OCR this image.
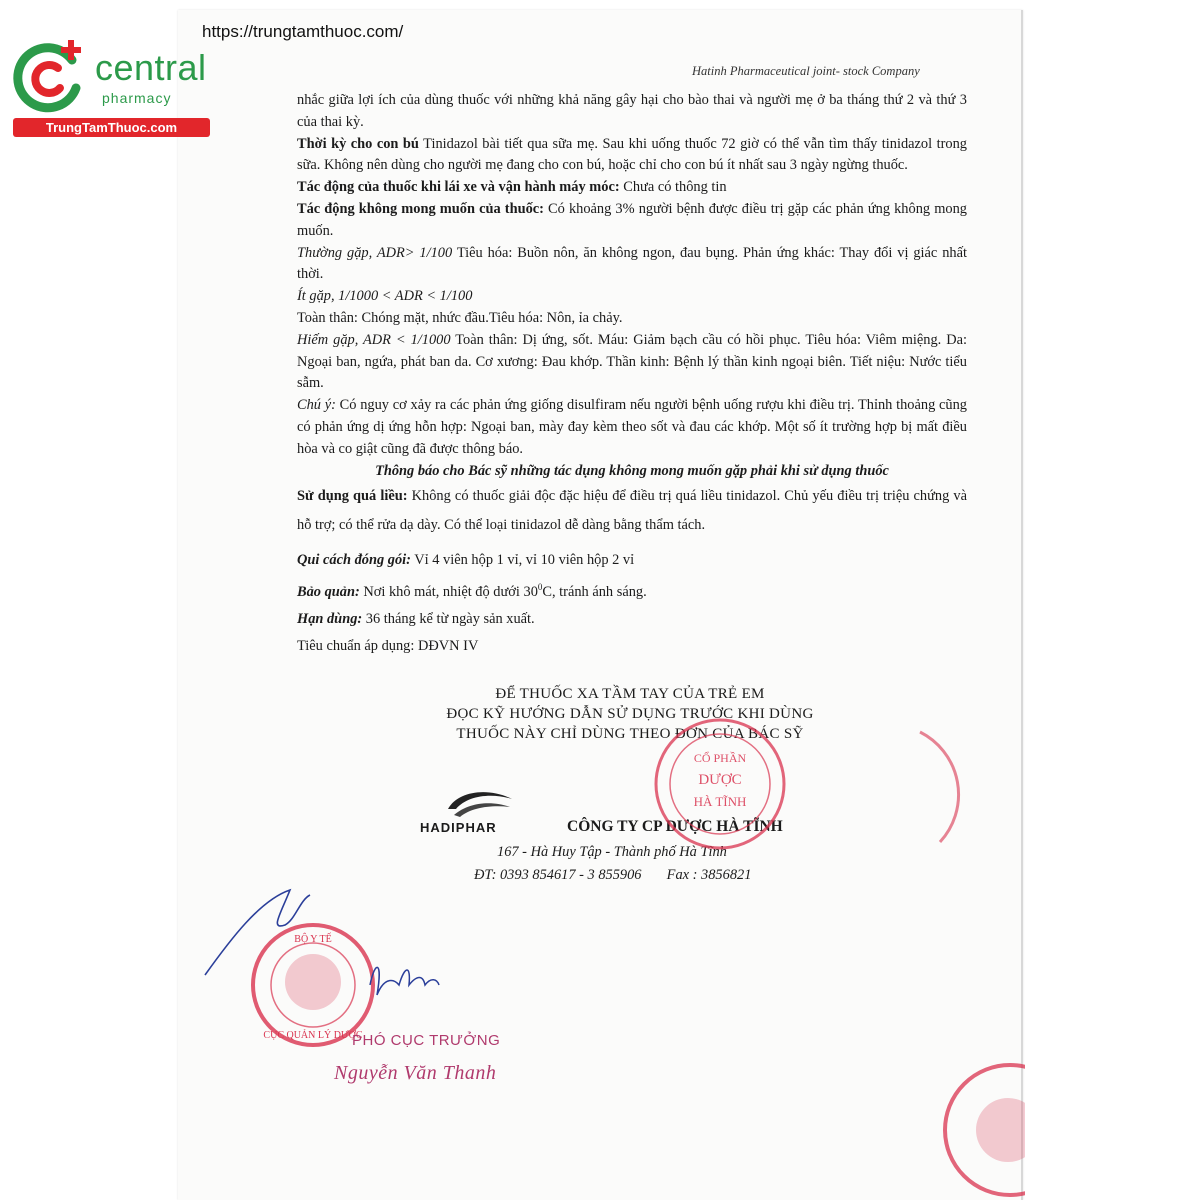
central
pharmacy
TrungTamThuoc.com
https://trungtamthuoc.com/
Hatinh Pharmaceutical joint- stock Company

nhắc giữa lợi ích của dùng thuốc với những khả năng gây hại cho bào thai và người mẹ ở ba tháng thứ 2 và thứ 3 của thai kỳ.

Thời kỳ cho con bú Tinidazol bài tiết qua sữa mẹ. Sau khi uống thuốc 72 giờ có thể vẫn tìm thấy tinidazol trong sữa. Không nên dùng cho người mẹ đang cho con bú, hoặc chỉ cho con bú ít nhất sau 3 ngày ngừng thuốc.

Tác động của thuốc khi lái xe và vận hành máy móc: Chưa có thông tin

Tác động không mong muốn của thuốc: Có khoảng 3% người bệnh được điều trị gặp các phản ứng không mong muốn.

Thường gặp, ADR> 1/100 Tiêu hóa: Buồn nôn, ăn không ngon, đau bụng. Phản ứng khác: Thay đổi vị giác nhất thời.

Ít gặp, 1/1000 < ADR < 1/100

Toàn thân: Chóng mặt, nhức đầu.Tiêu hóa: Nôn, ỉa chảy.

Hiếm gặp, ADR < 1/1000 Toàn thân: Dị ứng, sốt. Máu: Giảm bạch cầu có hồi phục. Tiêu hóa: Viêm miệng. Da: Ngoại ban, ngứa, phát ban da. Cơ xương: Đau khớp. Thần kinh: Bệnh lý thần kinh ngoại biên. Tiết niệu: Nước tiểu sẫm.

Chú ý: Có nguy cơ xảy ra các phản ứng giống disulfiram nếu người bệnh uống rượu khi điều trị. Thỉnh thoảng cũng có phản ứng dị ứng hỗn hợp: Ngoại ban, mày đay kèm theo sốt và đau các khớp. Một số ít trường hợp bị mất điều hòa và co giật cũng đã được thông báo.

Thông báo cho Bác sỹ những tác dụng không mong muốn gặp phải khi sử dụng thuốc

Sử dụng quá liều: Không có thuốc giải độc đặc hiệu để điều trị quá liều tinidazol. Chủ yếu điều trị triệu chứng và hỗ trợ; có thể rửa dạ dày. Có thể loại tinidazol dễ dàng bằng thẩm tách.

Qui cách đóng gói: Vỉ 4 viên hộp 1 vỉ, vỉ 10 viên hộp 2 vỉ

Bảo quản: Nơi khô mát, nhiệt độ dưới $30^0C$, tránh ánh sáng.

Hạn dùng: 36 tháng kể từ ngày sản xuất.

Tiêu chuẩn áp dụng: DĐVN IV

ĐỂ THUỐC XA TẦM TAY CỦA TRẺ EM
ĐỌC KỸ HƯỚNG DẪN SỬ DỤNG TRƯỚC KHI DÙNG
THUỐC NÀY CHỈ DÙNG THEO ĐƠN CỦA BÁC SỸ
HADIPHAR	CÔNG TY CP DƯỢC HÀ TĨNH
167 - Hà Huy Tập - Thành phố Hà Tĩnh
ĐT: 0393 854617 - 3 855906       Fax : 3856821
CỔ PHẦN
DƯỢC
HÀ TĨNH
BỘ Y TẾ
CỤC QUẢN LÝ DƯỢC
PHÓ CỤC TRƯỞNG
Nguyễn Văn Thanh
